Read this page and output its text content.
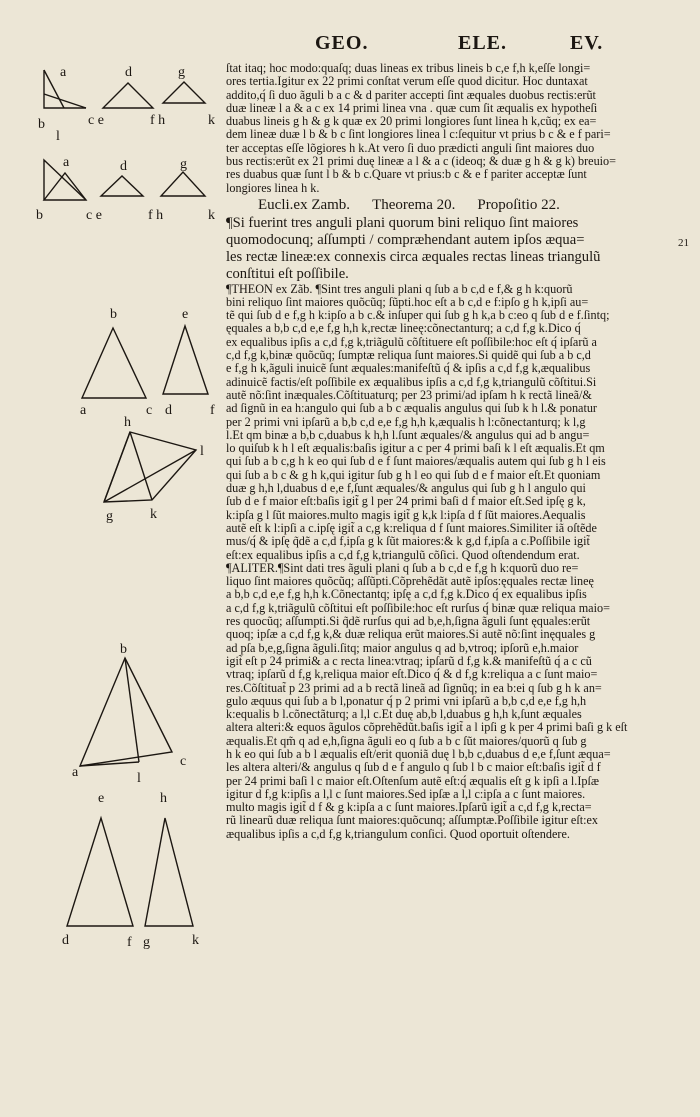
GEO.	ELE.	EV.
21
a	d	g
b	c e	f h	k
l
a	d	g
b	c e	f h	k
b	e
a	c d	f
h
l
g	k
b
a
c
l
e	h
d	f g	k
ſtat itaq; hoc modo:quaſq; duas lineas ex tribus lineis b c,e f,h k,eſſe longi=
ores tertia.Igitur ex 22 primi conſtat verum eſſe quod dicitur. Hoc duntaxat
addito,q́ ſi duo ãguli b a c & d pariter accepti ſint æquales duobus rectis:erũt
duæ lineæ l a & a c ex 14 primi linea vna . quæ cum ſit æqualis ex hypotheſi
duabus lineis g h & g k quæ ex 20 primi longiores ſunt linea h k,cũq; ex ea=
dem lineæ duæ l b & b c ſint longiores linea l c:ſequitur vt prius b c & e f pari=
ter acceptas eſſe lõgiores h k.At vero ſi duo prædicti anguli ſint maiores duo
bus rectis:erũt ex 21 primi duę lineæ a l & a c (ideoq; & duæ g h & g k) breuio=
res duabus quæ ſunt l b & b c.Quare vt prius:b c & e f pariter acceptæ ſunt
longiores linea h k.
Eucli.ex Zamb. Theorema 20. Propoſitio 22.
¶Si fuerint tres anguli plani quorum bini reliquo ſint maiores
quomodocunq; aſſumpti / compræhendant autem ipſos æqua=
les rectæ lineæ:ex connexis circa æquales rectas lineas triangulũ
conſtitui eſt poſſibile.
¶THEON ex Zãb. ¶Sint tres anguli plani q ſub a b c,d e f,& g h k:quorũ
bini reliquo ſint maiores quõcũq; ſũpti.hoc eſt a b c,d e f:ipſo g h k,ipſi au=
tẽ qui ſub d e f,g h k:ipſo a b c.& inſuper qui ſub g h k,a b c:eo q ſub d e f.ſintq;
ęquales a b,b c,d e,e f,g h,h k,rectæ lineę:cõnectanturq; a c,d f,g k.Dico q́
ex equalibus ipſis a c,d f,g k,triãgulũ cõſtituere eſt poſſibile:hoc eſt q́ ipſarũ a
c,d f,g k,binæ quõcũq; ſumptæ reliqua ſunt maiores.Si quidẽ qui ſub a b c,d
e f,g h k,ãguli inuicẽ ſunt æquales:manifeſtũ q́ & ipſis a c,d f,g k,æqualibus
adinuicẽ factis/eſt poſſibile ex æqualibus ipſis a c,d f,g k,triangulũ cõſtitui.Si
autẽ nõ:ſint inæquales.Cõſtituaturq; per 23 primi/ad ipſam h k rectã lineã/&
ad ſignũ in ea h:angulo qui ſub a b c æqualis angulus qui ſub k h l.& ponatur
per 2 primi vni ipſarũ a b,b c,d e,e f,g h,h k,æqualis h l:cõnectanturq; k l,g
l.Et qm binæ a b,b c,duabus k h,h l.ſunt æquales/& angulus qui ad b angu=
lo quiſub k h l eſt æqualis:baſis igitur a c per 4 primi baſi k l eſt æqualis.Et qm
qui ſub a b c,g h k eo qui ſub d e f ſunt maiores/æqualis autem qui ſub g h l eis
qui ſub a b c & g h k,qui igitur ſub g h l eo qui ſub d e f maior eſt.Et quoniam
duæ g h,h l,duabus d e,e f,ſunt æquales/& angulus qui ſub g h l angulo qui
ſub d e f maior eſt:baſis igit̃ g l per 24 primi baſi d f maior eſt.Sed ipſę g k,
k:ipſa g l ſũt maiores.multo magis igit̃ g k,k l:ipſa d f ſũt maiores.Aequalis
autẽ eſt k l:ipſi a c.ipſę igit̃ a c,g k:reliqua d f ſunt maiores.Similiter iã oſtẽde
mus/q́ & ipſę q̃dẽ a c,d f,ipſa g k ſũt maiores:& k g,d f,ipſa a c.Poſſibile igit̃
eſt:ex equalibus ipſis a c,d f,g k,triangulũ cõſici. Quod oſtendendum erat.
¶ALITER.¶Sint dati tres ãguli plani q ſub a b c,d e f,g h k:quorũ duo re=
liquo ſint maiores quõcũq; aſſũpti.Cõprehẽdãt autẽ ipſos:ęquales rectæ lineę
a b,b c,d e,e f,g h,h k.Cõnectantq; ipſę a c,d f,g k.Dico q́ ex equalibus ipſis
a c,d f,g k,triãgulũ cõſtitui eſt poſſibile:hoc eſt rurſus q́ binæ quæ reliqua maio=
res quocũq; aſſumpti.Si q̃dẽ rurſus qui ad b,e,h,ſigna ãguli ſunt ęquales:erũt
quoq; ipſæ a c,d f,g k,& duæ reliqua erũt maiores.Si autẽ nõ:ſint inęquales g
ad pſa b,e,g,ſigna ãguli.ſitq; maior angulus q ad b,vtroq; ipſorũ e,h.maior
igit̃ eſt p 24 primi& a c recta linea:vtraq; ipſarũ d f,g k.& manifeſtũ q́ a c cũ
vtraq; ipſarũ d f,g k,reliqua maior eſt.Dico q́ & d f,g k:reliqua a c ſunt maio=
res.Cõſtituat̃ p 23 primi ad a b rectã lineã ad ſignũq; in ea b:ei q ſub g h k an=
gulo æquus qui ſub a b l,ponatur q́ p 2 primi vni ipſarũ a b,b c,d e,e f,g h,h
k:equalis b l.cõnectãturq; a l,l c.Et duę ab,b l,duabus g h,h k,ſunt æquales
altera alteri:& equos ãgulos cõprehẽdũt.baſis igit̃ a l ipſi g k per 4 primi baſi g k eſt
æqualis.Et qm̃ q ad e,h,ſigna ãguli eo q ſub a b c ſũt maiores/quorũ q ſub g
h k eo qui ſub a b l æqualis eſt/erit quoniã duę l b,b c,duabus d e,e f,ſunt æqua=
les altera alteri/& angulus q ſub d e f angulo q ſub l b c maior eſt:baſis igit̃ d f
per 24 primi baſi l c maior eſt.Oſtenſum autẽ eſt:q́ æqualis eſt g k ipſi a l.Ipſæ
igitur d f,g k:ipſis a l,l c ſunt maiores.Sed ipſæ a l,l c:ipſa a c ſunt maiores.
multo magis igit̃ d f & g k:ipſa a c ſunt maiores.Ipſarũ igit̃ a c,d f,g k,recta=
rũ linearũ duæ reliqua ſunt maiores:quõcunq; aſſumptæ.Poſſibile igitur eſt:ex
æqualibus ipſis a c,d f,g k,triangulum conſici. Quod oportuit oſtendere.
